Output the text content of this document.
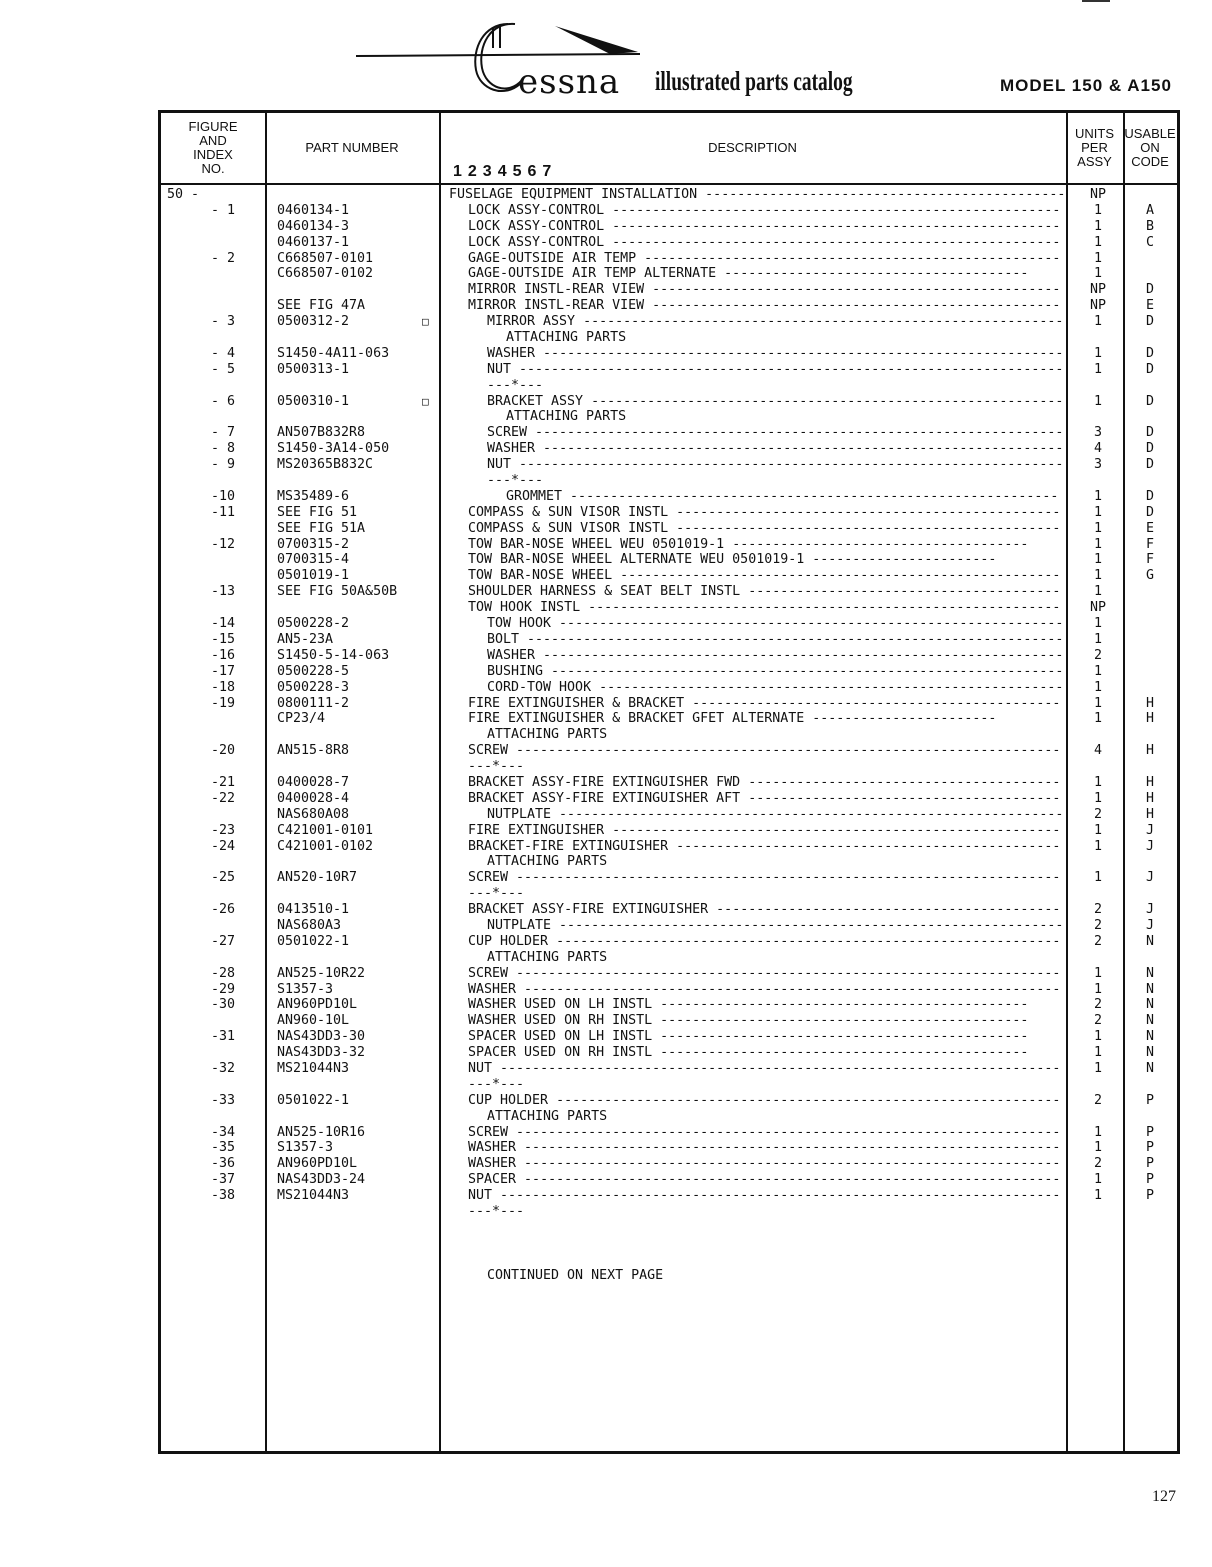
essna illustrated parts catalog	MODEL 150 & A150
FIGURE
AND
INDEX
NO.
PART NUMBER	DESCRIPTION
1234567
UNITS
PER
ASSY
USABLE
ON
CODE
50 -	FUSELAGE EQUIPMENT INSTALLATION ---------------------------------------------	NP
- 1	0460134-1	LOCK ASSY-CONTROL --------------------------------------------------------	1	A
0460134-3	LOCK ASSY-CONTROL --------------------------------------------------------	1	B
0460137-1	LOCK ASSY-CONTROL --------------------------------------------------------	1	C
- 2	C668507-0101	GAGE-OUTSIDE AIR TEMP ----------------------------------------------------	1
C668507-0102	GAGE-OUTSIDE AIR TEMP ALTERNATE --------------------------------------	1
MIRROR INSTL-REAR VIEW ---------------------------------------------------	NP	D
SEE FIG 47A	MIRROR INSTL-REAR VIEW ---------------------------------------------------	NP	E
- 3	0500312-2	□	MIRROR ASSY ------------------------------------------------------------	1	D
ATTACHING PARTS
- 4	S1450-4A11-063	WASHER -----------------------------------------------------------------	1	D
- 5	0500313-1	NUT --------------------------------------------------------------------	1	D
---*---
- 6	0500310-1	□	BRACKET ASSY -----------------------------------------------------------	1	D
ATTACHING PARTS
- 7	AN507B832R8	SCREW ------------------------------------------------------------------	3	D
- 8	S1450-3A14-050	WASHER -----------------------------------------------------------------	4	D
- 9	MS20365B832C	NUT --------------------------------------------------------------------	3	D
---*---
-10	MS35489-6	GROMMET -------------------------------------------------------------	1	D
-11	SEE FIG 51	COMPASS & SUN VISOR INSTL ------------------------------------------------	1	D
SEE FIG 51A	COMPASS & SUN VISOR INSTL ------------------------------------------------	1	E
-12	0700315-2	TOW BAR-NOSE WHEEL WEU 0501019-1 -------------------------------------	1	F
0700315-4	TOW BAR-NOSE WHEEL ALTERNATE WEU 0501019-1 -----------------------	1	F
0501019-1	TOW BAR-NOSE WHEEL -------------------------------------------------------	1	G
-13	SEE FIG 50A&50B	SHOULDER HARNESS & SEAT BELT INSTL ---------------------------------------	1
TOW HOOK INSTL -----------------------------------------------------------	NP
-14	0500228-2	TOW HOOK ---------------------------------------------------------------	1
-15	AN5-23A	BOLT -------------------------------------------------------------------	1
-16	S1450-5-14-063	WASHER -----------------------------------------------------------------	2
-17	0500228-5	BUSHING ----------------------------------------------------------------	1
-18	0500228-3	CORD-TOW HOOK ----------------------------------------------------------	1
-19	0800111-2	FIRE EXTINGUISHER & BRACKET ----------------------------------------------	1	H
CP23/4	FIRE EXTINGUISHER & BRACKET GFET ALTERNATE -----------------------	1	H
ATTACHING PARTS
-20	AN515-8R8	SCREW --------------------------------------------------------------------	4	H
---*---
-21	0400028-7	BRACKET ASSY-FIRE EXTINGUISHER FWD ---------------------------------------	1	H
-22	0400028-4	BRACKET ASSY-FIRE EXTINGUISHER AFT ---------------------------------------	1	H
NAS680A08	NUTPLATE ---------------------------------------------------------------	2	H
-23	C421001-0101	FIRE EXTINGUISHER --------------------------------------------------------	1	J
-24	C421001-0102	BRACKET-FIRE EXTINGUISHER ------------------------------------------------	1	J
ATTACHING PARTS
-25	AN520-10R7	SCREW --------------------------------------------------------------------	1	J
---*---
-26	0413510-1	BRACKET ASSY-FIRE EXTINGUISHER -------------------------------------------	2	J
NAS680A3	NUTPLATE ---------------------------------------------------------------	2	J
-27	0501022-1	CUP HOLDER ---------------------------------------------------------------	2	N
ATTACHING PARTS
-28	AN525-10R22	SCREW --------------------------------------------------------------------	1	N
-29	S1357-3	WASHER -------------------------------------------------------------------	1	N
-30	AN960PD10L	WASHER USED ON LH INSTL ----------------------------------------------	2	N
AN960-10L	WASHER USED ON RH INSTL ----------------------------------------------	2	N
-31	NAS43DD3-30	SPACER USED ON LH INSTL ----------------------------------------------	1	N
NAS43DD3-32	SPACER USED ON RH INSTL ----------------------------------------------	1	N
-32	MS21044N3	NUT ----------------------------------------------------------------------	1	N
---*---
-33	0501022-1	CUP HOLDER ---------------------------------------------------------------	2	P
ATTACHING PARTS
-34	AN525-10R16	SCREW --------------------------------------------------------------------	1	P
-35	S1357-3	WASHER -------------------------------------------------------------------	1	P
-36	AN960PD10L	WASHER -------------------------------------------------------------------	2	P
-37	NAS43DD3-24	SPACER -------------------------------------------------------------------	1	P
-38	MS21044N3	NUT ----------------------------------------------------------------------	1	P
---*---
CONTINUED ON NEXT PAGE
127
